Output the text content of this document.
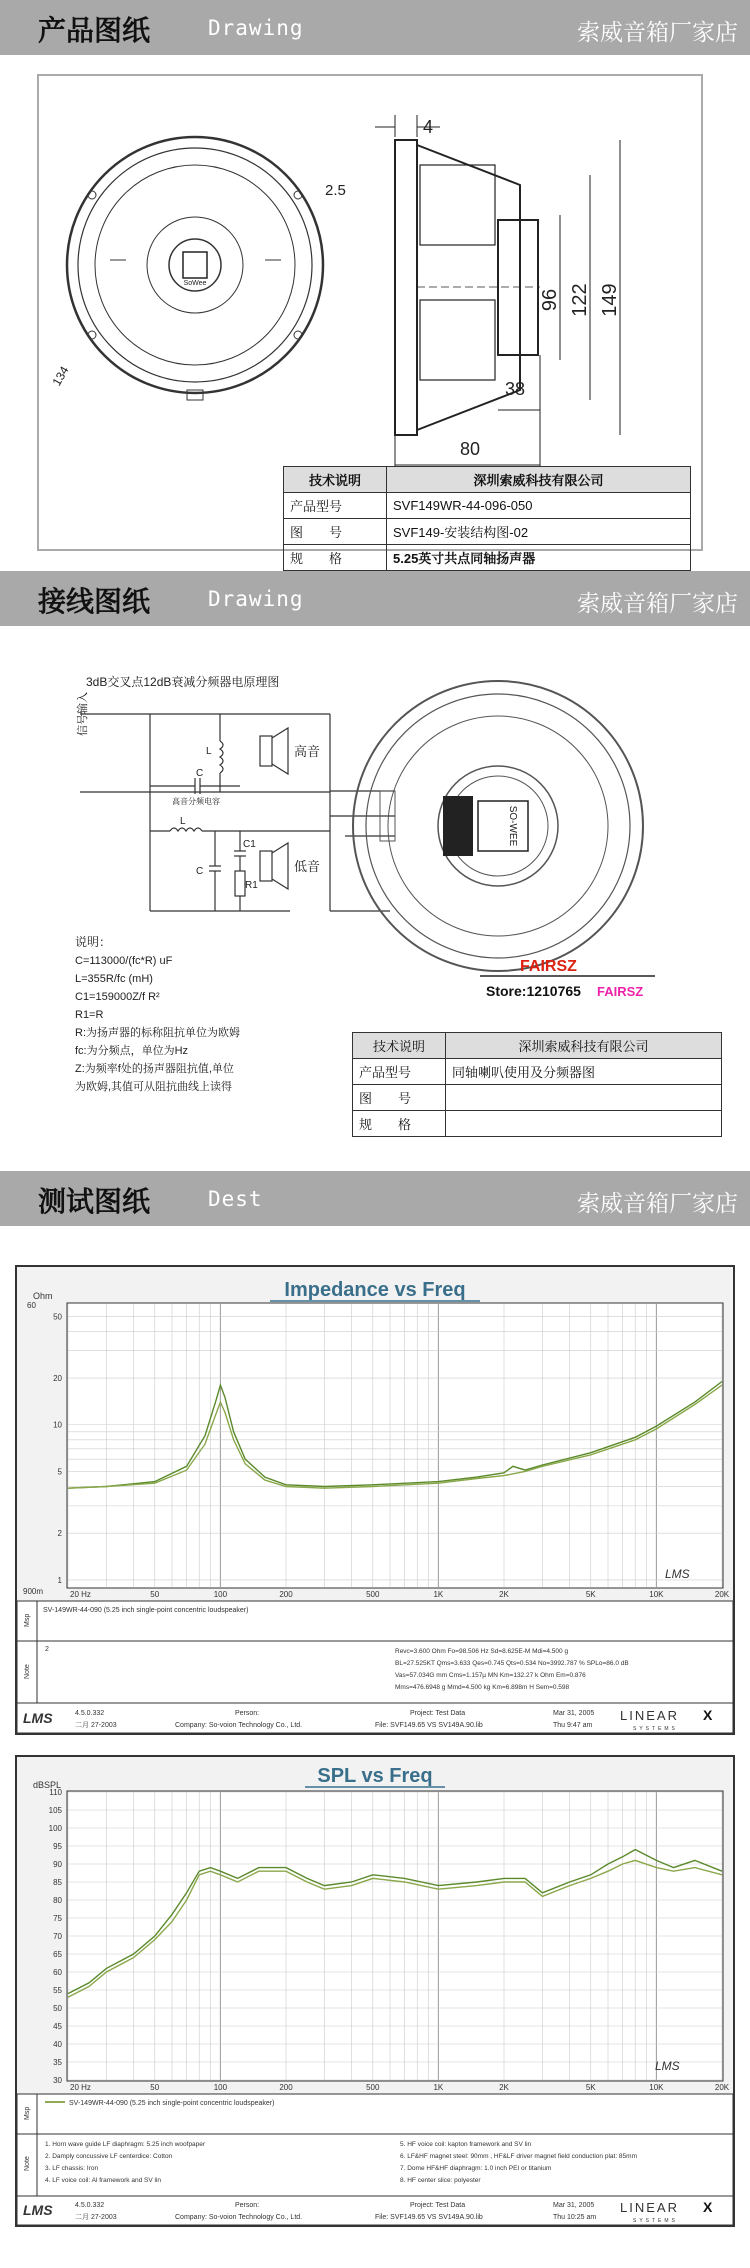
产品图纸	Drawing	索威音箱厂家店
SoWee
2.5
134
4
96 122 149
38
80
技术说明	深圳索威科技有限公司
产品型号	SVF149WR-44-096-050
图　　号	SVF149-安装结构图-02
规　　格	5.25英寸共点同轴扬声器
接线图纸	Drawing	索威音箱厂家店
3dB交叉点12dB衰减分频器电原理图
信号输入
高音
低音
高音分频电容
L
C
L
C
C1
R1
SO-WEE
FAIRSZ
Store:1210765 FAIRSZ
说明：
C=113000/(fc*R) uF
L=355R/fc (mH)
C1=159000Z/f R²
R1=R
R:为扬声器的标称阻抗单位为欧姆
fc:为分频点，单位为Hz
Z:为频率f处的扬声器阻抗值,单位
为欧姆,其值可从阻抗曲线上读得
技术说明	深圳索威科技有限公司
产品型号	同轴喇叭使用及分频器图
图　　号	
规　　格	
测试图纸	Dest	索威音箱厂家店
Impedance vs Freq
50
20
10
5
2
1
20 Hz	50	100	200	500	1K	2K	5K	10K	20K
Ohm
60
900m
LMS
Msp
SV-149WR-44-090 (5.25 inch single-point concentric loudspeaker)
Note
2	Revc=3.600 Ohm Fo=98.506 Hz Sd=8.625E-M Mdi=4.500 g
BL=27.525KT Qms=3.633 Qes=0.745 Qts=0.534 No=3992.787 % SPLo=86.0 dB
Vas=57.034G mm Cms=1.157µ MN Km=132.27 k Ohm Em=0.876
Mms=476.6948 g Mmd=4.500 kg Km=6.898m H Sem=0.598
LMS	4.5.0.332
二月 27-2003
Person:
Company: So-voion Technology Co., Ltd.
Project: Test Data
File: SVF149.65 VS SV149A.90.lib
Mar 31, 2005
Thu 9:47 am
LINEAR X
SYSTEMS
SPL vs Freq
110
105
100
95
90
85
80
75
70
65
60
55
50
45
40
35
30
20 Hz	50	100	200	500	1K	2K	5K	10K	20K
dBSPL
LMS
Msp
SV-149WR-44-090 (5.25 inch single-point concentric loudspeaker)
Note
1. Horn wave guide LF diaphragm: 5.25 inch woofpaper
2. Damply concussive LF centerdice: Cotton
3. LF chassis: Iron
4. LF voice coil: Al framework and SV lin
5. HF voice coil: kapton framework and SV lin
6. LF&HF magnet steel: 90mm , HF&LF driver magnet field conduction plat: 85mm
7. Dome HF&HF diaphragm: 1.0 inch PEI or titanium
8. HF center slice: polyester
LMS	4.5.0.332
二月 27-2003
Person:
Company: So-voion Technology Co., Ltd.
Project: Test Data
File: SVF149.65 VS SV149A.90.lib
Mar 31, 2005
Thu 10:25 am
LINEAR X
SYSTEMS
